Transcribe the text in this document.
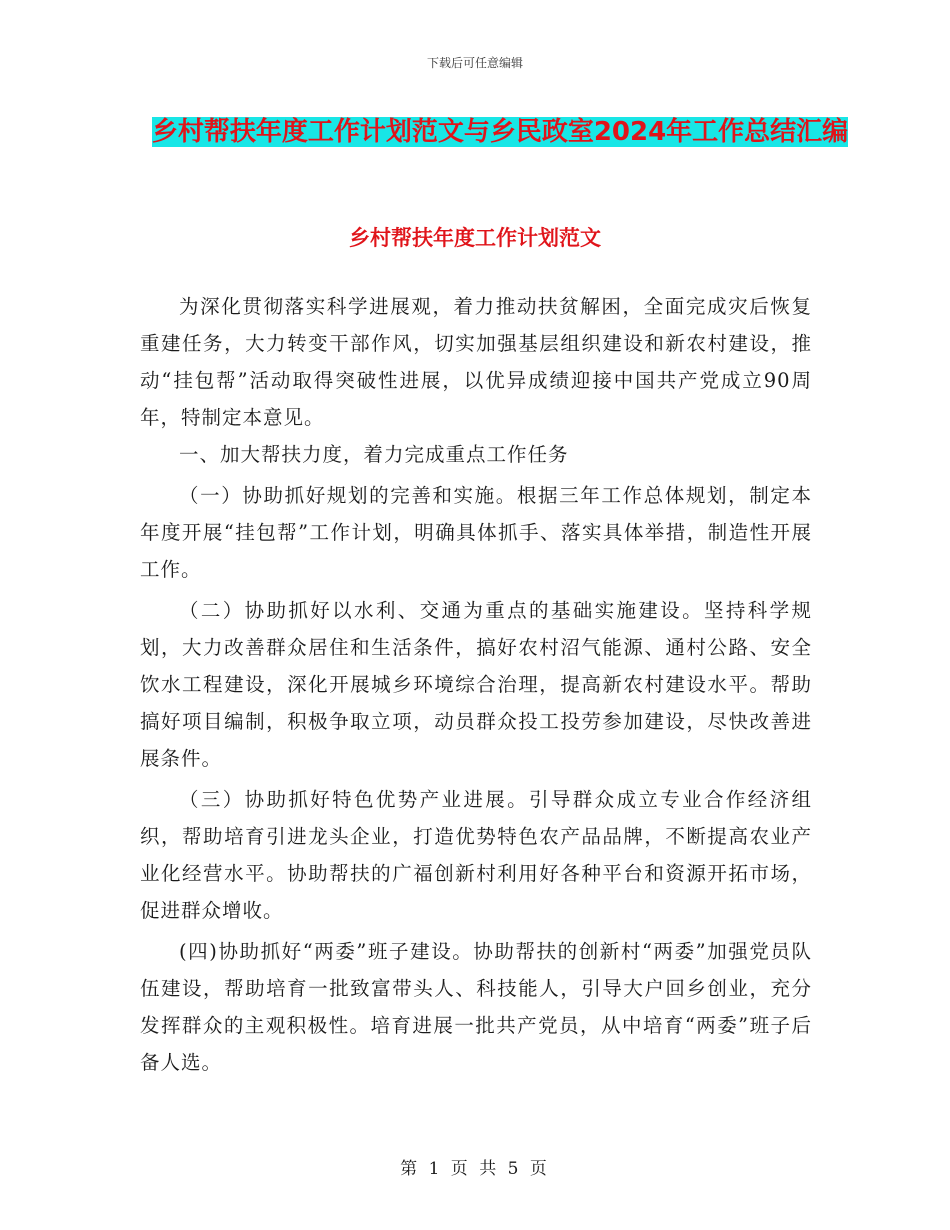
下载后可任意编辑
乡村帮扶年度工作计划范文与乡民政室2024年工作总结汇编
乡村帮扶年度工作计划范文

为深化贯彻落实科学进展观，着力推动扶贫解困，全面完成灾后恢复重建任务，大力转变干部作风，切实加强基层组织建设和新农村建设，推动“挂包帮”活动取得突破性进展，以优异成绩迎接中国共产党成立90周年，特制定本意见。

一、加大帮扶力度，着力完成重点工作任务

（一）协助抓好规划的完善和实施。根据三年工作总体规划，制定本年度开展“挂包帮”工作计划，明确具体抓手、落实具体举措，制造性开展工作。

（二）协助抓好以水利、交通为重点的基础实施建设。坚持科学规划，大力改善群众居住和生活条件，搞好农村沼气能源、通村公路、安全饮水工程建设，深化开展城乡环境综合治理，提高新农村建设水平。帮助搞好项目编制，积极争取立项，动员群众投工投劳参加建设，尽快改善进展条件。

（三）协助抓好特色优势产业进展。引导群众成立专业合作经济组织，帮助培育引进龙头企业，打造优势特色农产品品牌，不断提高农业产业化经营水平。协助帮扶的广福创新村利用好各种平台和资源开拓市场，促进群众增收。

(四)协助抓好“两委”班子建设。协助帮扶的创新村“两委”加强党员队伍建设，帮助培育一批致富带头人、科技能人，引导大户回乡创业，充分发挥群众的主观积极性。培育进展一批共产党员，从中培育“两委”班子后备人选。

第 1 页 共 5 页
